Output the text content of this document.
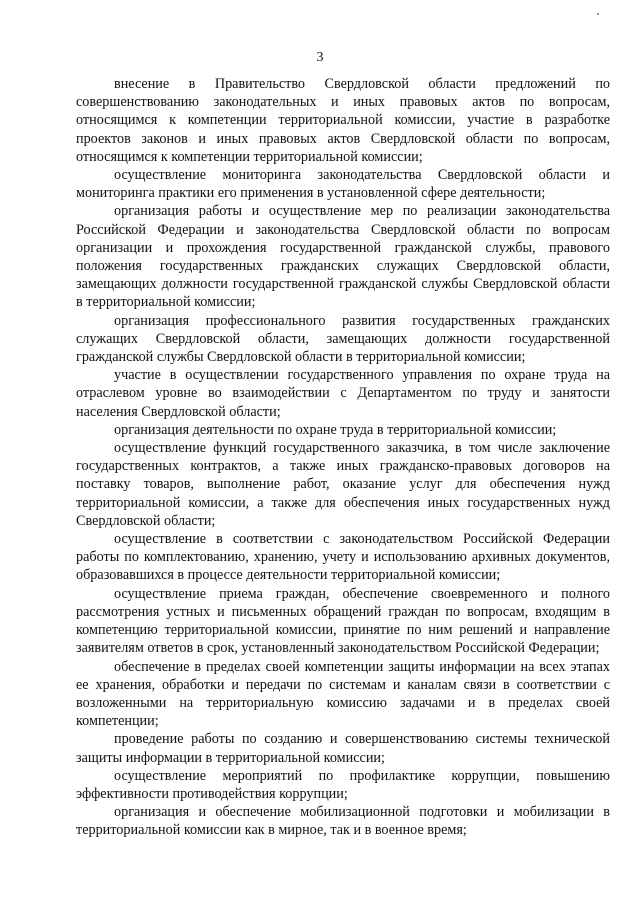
3

внесение в Правительство Свердловской области предложений по совершенствованию законодательных и иных правовых актов по вопросам, относящимся к компетенции территориальной комиссии, участие в разработке проектов законов и иных правовых актов Свердловской области по вопросам, относящимся к компетенции территориальной комиссии;

осуществление мониторинга законодательства Свердловской области и мониторинга практики его применения в установленной сфере деятельности;

организация работы и осуществление мер по реализации законодательства Российской Федерации и законодательства Свердловской области по вопросам организации и прохождения государственной гражданской службы, правового положения государственных гражданских служащих Свердловской области, замещающих должности государственной гражданской службы Свердловской области в территориальной комиссии;

организация профессионального развития государственных гражданских служащих Свердловской области, замещающих должности государственной гражданской службы Свердловской области в территориальной комиссии;

участие в осуществлении государственного управления по охране труда на отраслевом уровне во взаимодействии с Департаментом по труду и занятости населения Свердловской области;

организация деятельности по охране труда в территориальной комиссии;

осуществление функций государственного заказчика, в том числе заключение государственных контрактов, а также иных гражданско-правовых договоров на поставку товаров, выполнение работ, оказание услуг для обеспечения нужд территориальной комиссии, а также для обеспечения иных государственных нужд Свердловской области;

осуществление в соответствии с законодательством Российской Федерации работы по комплектованию, хранению, учету и использованию архивных документов, образовавшихся в процессе деятельности территориальной комиссии;

осуществление приема граждан, обеспечение своевременного и полного рассмотрения устных и письменных обращений граждан по вопросам, входящим в компетенцию территориальной комиссии, принятие по ним решений и направление заявителям ответов в срок, установленный законодательством Российской Федерации;

обеспечение в пределах своей компетенции защиты информации на всех этапах ее хранения, обработки и передачи по системам и каналам связи в соответствии с возложенными на территориальную комиссию задачами и в пределах своей компетенции;

проведение работы по созданию и совершенствованию системы технической защиты информации в территориальной комиссии;

осуществление мероприятий по профилактике коррупции, повышению эффективности противодействия коррупции;

организация и обеспечение мобилизационной подготовки и мобилизации в территориальной комиссии как в мирное, так и в военное время;
